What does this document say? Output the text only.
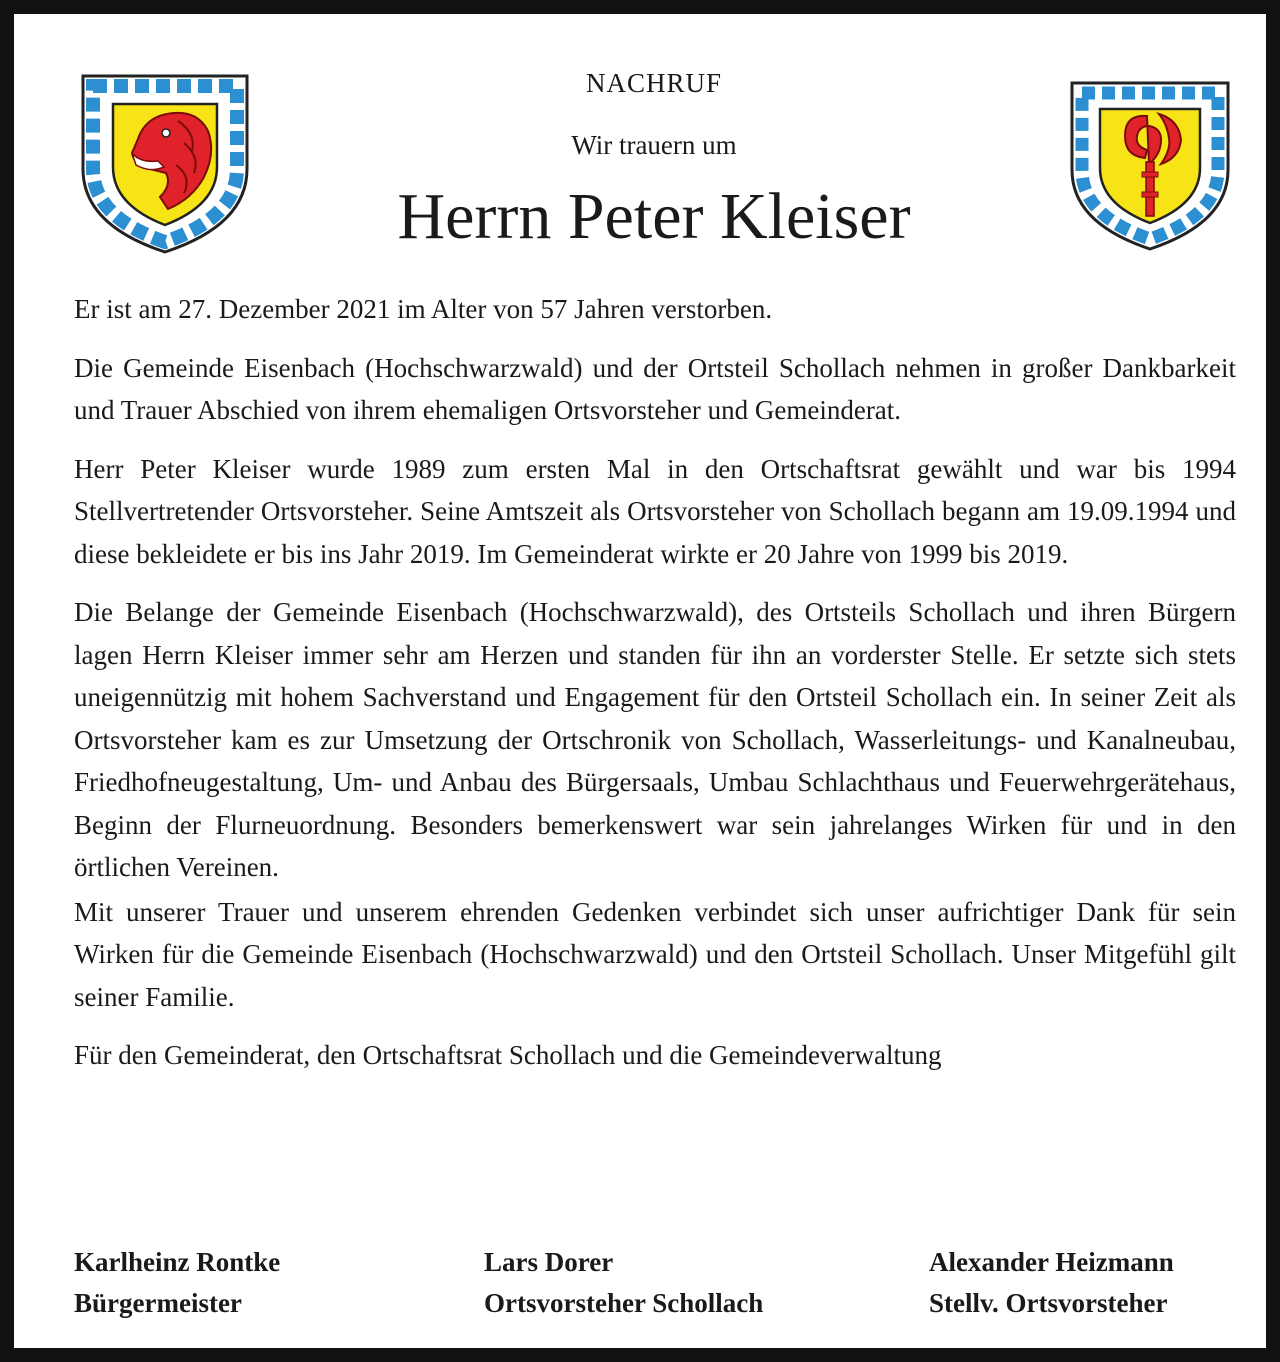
NACHRUF
Wir trauern um
Herrn Peter Kleiser

Er ist am 27. Dezember 2021 im Alter von 57 Jahren verstorben.

Die Gemeinde Eisenbach (Hochschwarzwald) und der Ortsteil Schollach nehmen in großer Dankbarkeit und Trauer Abschied von ihrem ehemaligen Ortsvorsteher und Gemeinderat.

Herr Peter Kleiser wurde 1989 zum ersten Mal in den Ortschaftsrat gewählt und war bis 1994 Stellvertretender Ortsvorsteher. Seine Amtszeit als Ortsvorsteher von Schollach begann am 19.09.1994 und diese bekleidete er bis ins Jahr 2019. Im Gemeinderat wirkte er 20 Jahre von 1999 bis 2019.

Die Belange der Gemeinde Eisenbach (Hochschwarzwald), des Ortsteils Schollach und ihren Bürgern lagen Herrn Kleiser immer sehr am Herzen und standen für ihn an vorderster Stelle. Er setzte sich stets uneigennützig mit hohem Sachverstand und Engagement für den Ortsteil Schollach ein. In seiner Zeit als Ortsvorsteher kam es zur Umsetzung der Ortschronik von Schollach, Wasserleitungs- und Kanalneubau, Friedhofneugestaltung, Um- und Anbau des Bürgersaals, Umbau Schlachthaus und Feuerwehrgerätehaus, Beginn der Flurneuordnung. Besonders bemerkenswert war sein jahrelanges Wirken für und in den örtlichen Vereinen.

Mit unserer Trauer und unserem ehrenden Gedenken verbindet sich unser aufrichtiger Dank für sein Wirken für die Gemeinde Eisenbach (Hochschwarzwald) und den Ortsteil Schollach. Unser Mitgefühl gilt seiner Familie.

Für den Gemeinderat, den Ortschaftsrat Schollach und die Gemeindeverwaltung

Karlheinz Rontke
Bürgermeister
Lars Dorer
Ortsvorsteher Schollach
Alexander Heizmann
Stellv. Ortsvorsteher
